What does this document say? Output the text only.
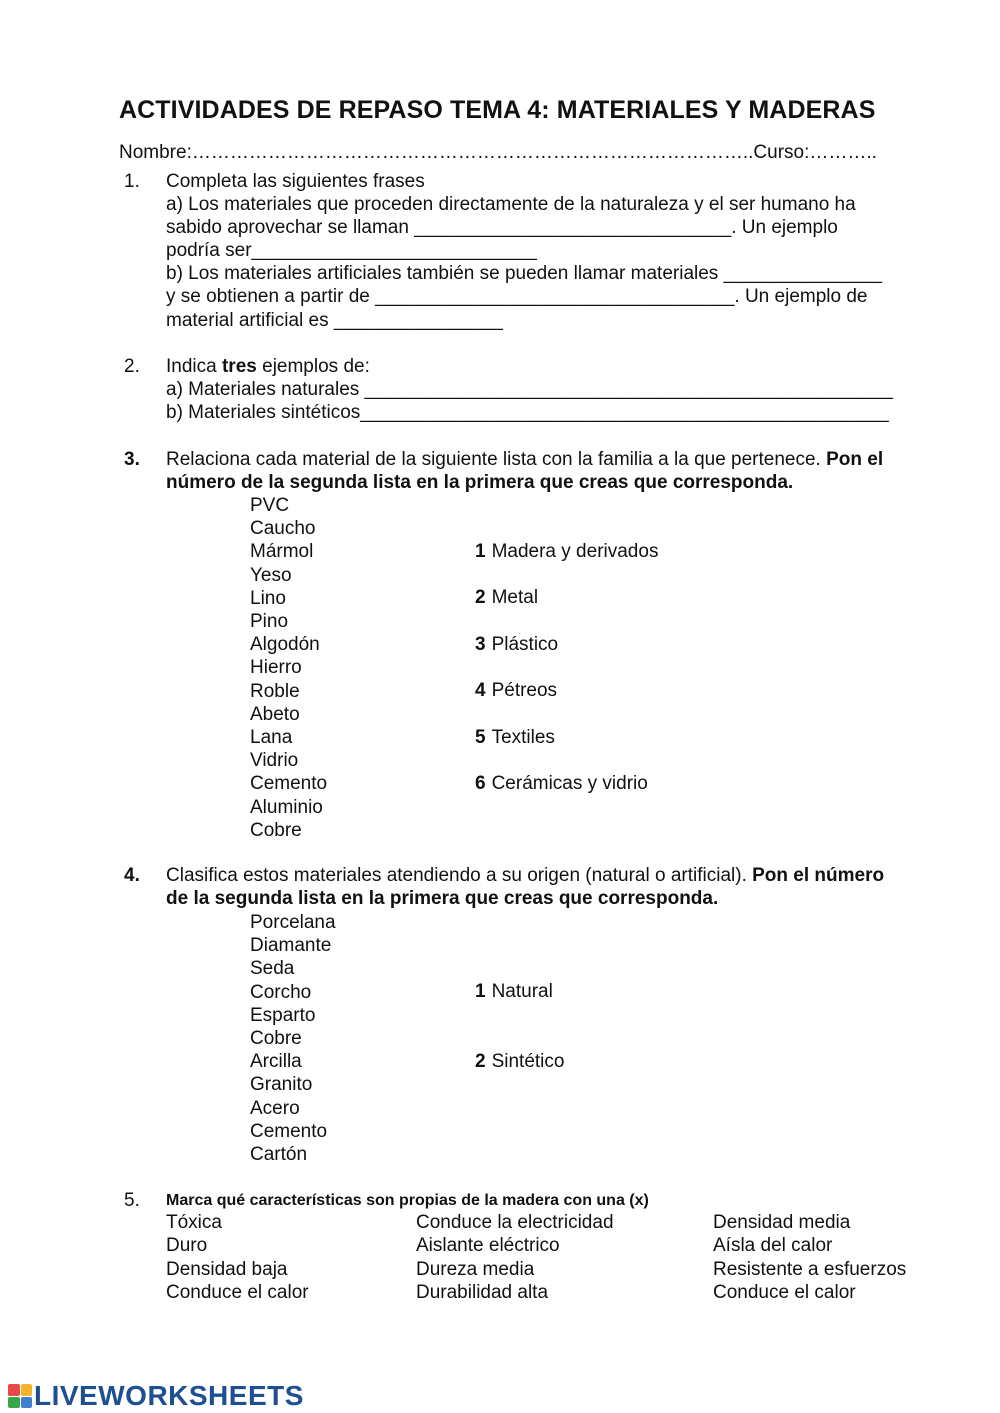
ACTIVIDADES DE REPASO TEMA 4: MATERIALES Y MADERAS
Nombre:……………………………………………………………………………..Curso:………..
1. Completa las siguientes frases
a) Los materiales que proceden directamente de la naturaleza y el ser humano ha
sabido aprovechar se llaman ______________________________. Un ejemplo
podría ser___________________________
b) Los materiales artificiales también se pueden llamar materiales _______________
y se obtienen a partir de __________________________________. Un ejemplo de
material artificial es ________________
2. Indica tres ejemplos de:
a) Materiales naturales __________________________________________________
b) Materiales sintéticos__________________________________________________
3. Relaciona cada material de la siguiente lista con la familia a la que pertenece. Pon el
número de la segunda lista en la primera que creas que corresponda.
PVC
Caucho
Mármol
Yeso
Lino
Pino
Algodón
Hierro
Roble
Abeto
Lana
Vidrio
Cemento
Aluminio
Cobre
1 Madera y derivados
2 Metal
3 Plástico
4 Pétreos
5 Textiles
6 Cerámicas y vidrio
4. Clasifica estos materiales atendiendo a su origen (natural o artificial). Pon el número
de la segunda lista en la primera que creas que corresponda.
Porcelana
Diamante
Seda
Corcho
Esparto
Cobre
Arcilla
Granito
Acero
Cemento
Cartón
1 Natural
2 Sintético
5. Marca qué características son propias de la madera con una (x)
Tóxica
Duro
Densidad baja
Conduce el calor
Conduce la electricidad
Aislante eléctrico
Dureza media
Durabilidad alta
Densidad media
Aísla del calor
Resistente a esfuerzos
Conduce el calor
LIVEWORKSHEETS
